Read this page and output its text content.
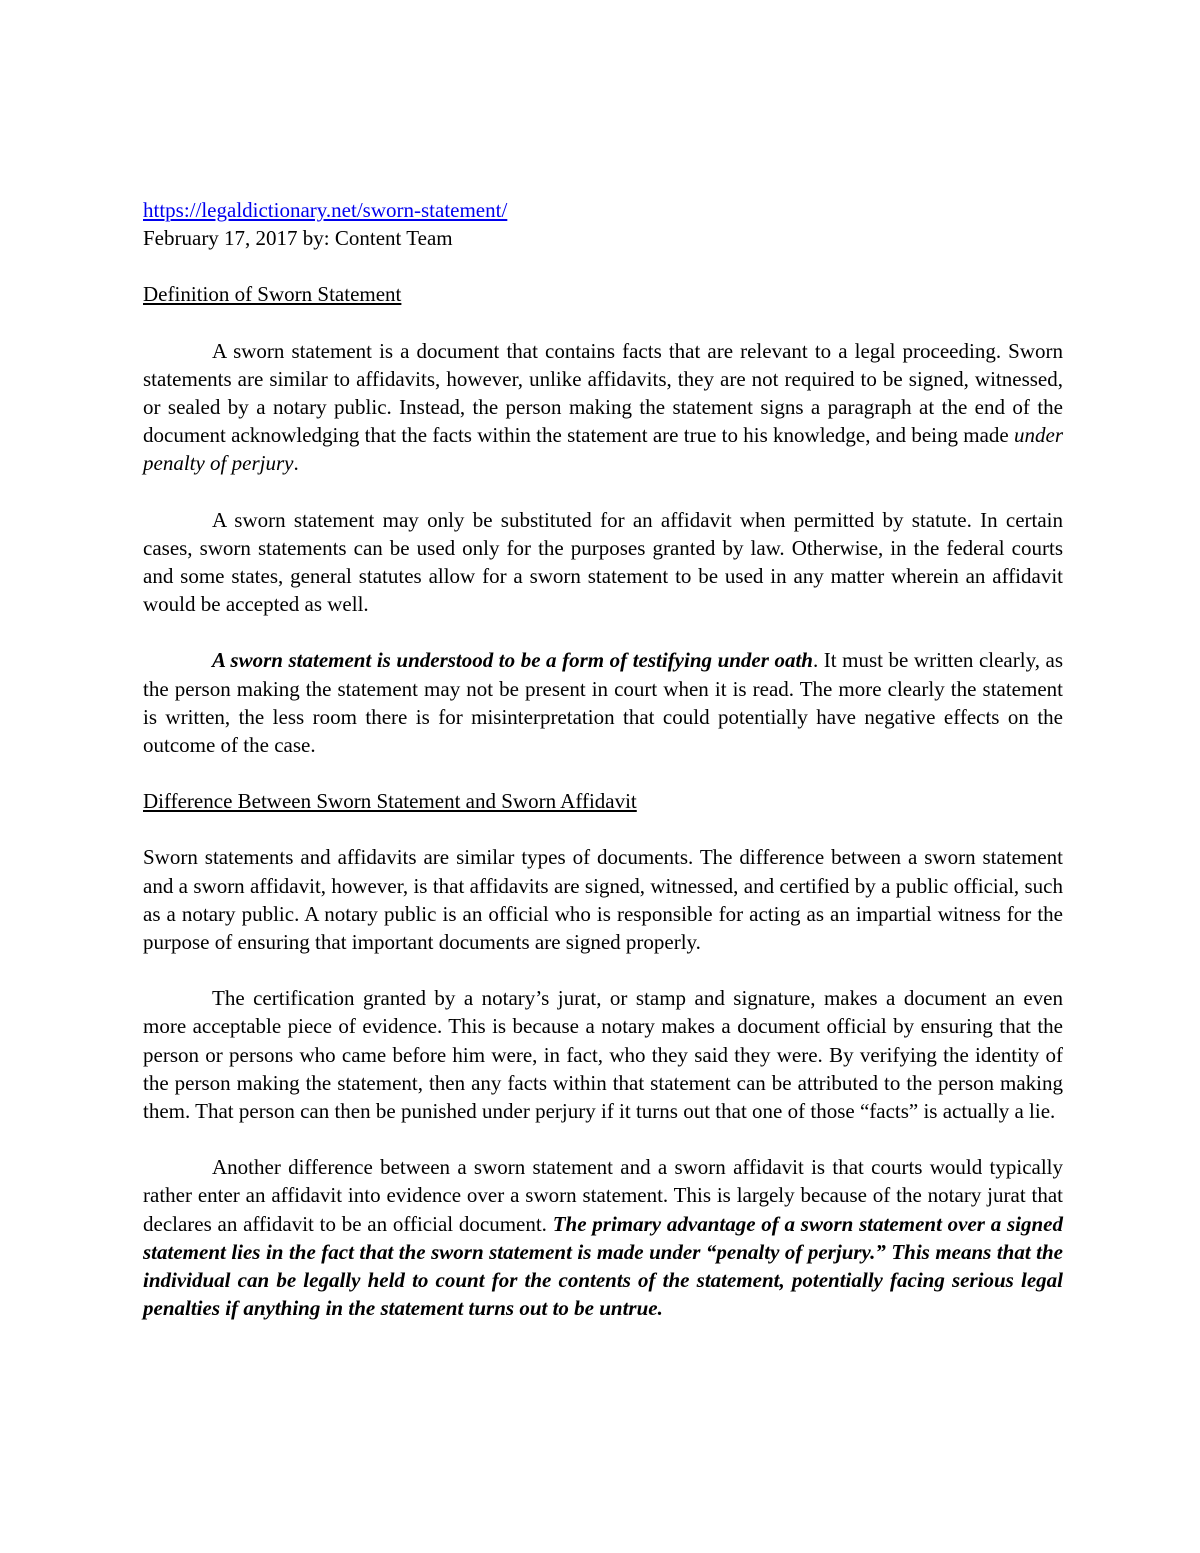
https://legaldictionary.net/sworn-statement/
February 17, 2017 by: Content Team
Definition of Sworn Statement

A sworn statement is a document that contains facts that are relevant to a legal proceeding. Sworn statements are similar to affidavits, however, unlike affidavits, they are not required to be signed, witnessed, or sealed by a notary public. Instead, the person making the statement signs a paragraph at the end of the document acknowledging that the facts within the statement are true to his knowledge, and being made under penalty of perjury.

A sworn statement may only be substituted for an affidavit when permitted by statute. In certain cases, sworn statements can be used only for the purposes granted by law. Otherwise, in the federal courts and some states, general statutes allow for a sworn statement to be used in any matter wherein an affidavit would be accepted as well.

A sworn statement is understood to be a form of testifying under oath. It must be written clearly, as the person making the statement may not be present in court when it is read. The more clearly the statement is written, the less room there is for misinterpretation that could potentially have negative effects on the outcome of the case.

Difference Between Sworn Statement and Sworn Affidavit

Sworn statements and affidavits are similar types of documents. The difference between a sworn statement and a sworn affidavit, however, is that affidavits are signed, witnessed, and certified by a public official, such as a notary public. A notary public is an official who is responsible for acting as an impartial witness for the purpose of ensuring that important documents are signed properly.

The certification granted by a notary’s jurat, or stamp and signature, makes a document an even more acceptable piece of evidence. This is because a notary makes a document official by ensuring that the person or persons who came before him were, in fact, who they said they were. By verifying the identity of the person making the statement, then any facts within that statement can be attributed to the person making them. That person can then be punished under perjury if it turns out that one of those “facts” is actually a lie.

Another difference between a sworn statement and a sworn affidavit is that courts would typically rather enter an affidavit into evidence over a sworn statement. This is largely because of the notary jurat that declares an affidavit to be an official document. The primary advantage of a sworn statement over a signed statement lies in the fact that the sworn statement is made under “penalty of perjury.” This means that the individual can be legally held to count for the contents of the statement, potentially facing serious legal penalties if anything in the statement turns out to be untrue.
